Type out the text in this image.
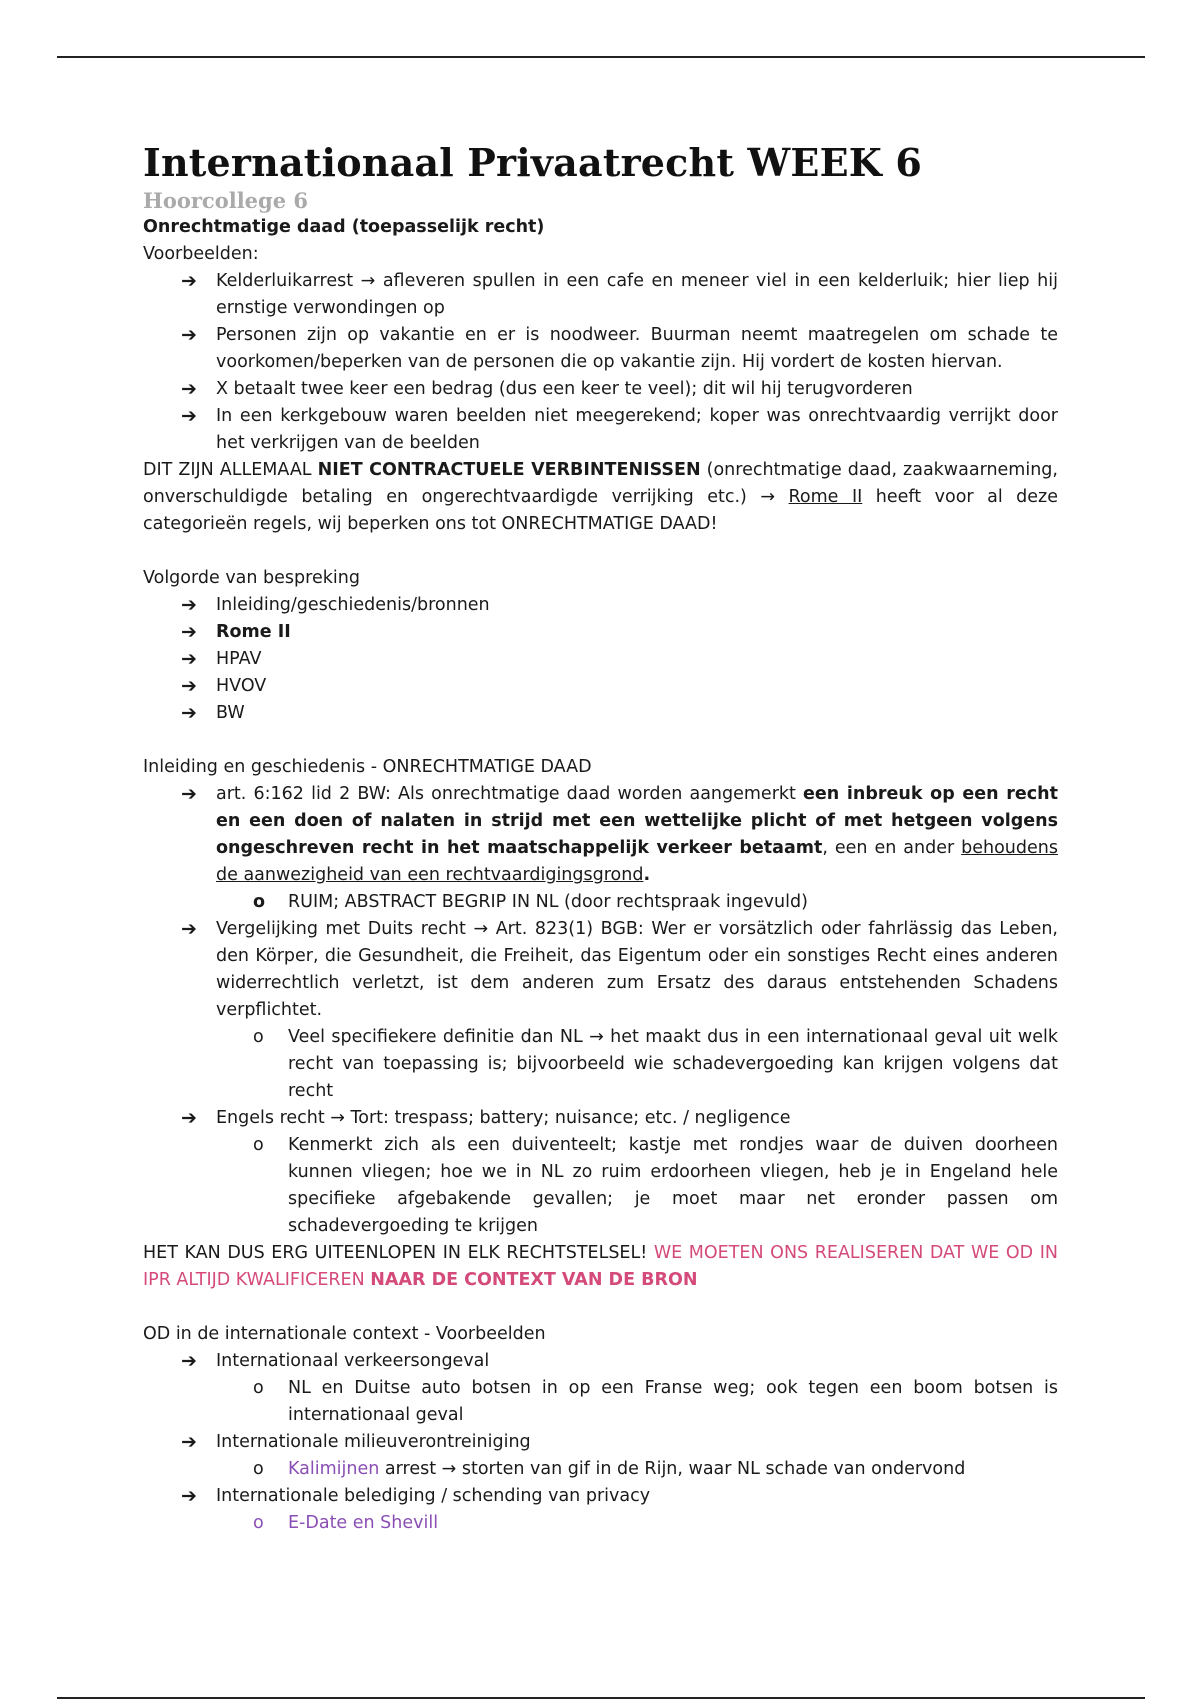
Internationaal Privaatrecht WEEK 6
Hoorcollege 6
Onrechtmatige daad (toepasselijk recht)
Voorbeelden:
➔ Kelderluikarrest → afleveren spullen in een cafe en meneer viel in een kelderluik; hier liep hij ernstige verwondingen op
➔ Personen zijn op vakantie en er is noodweer. Buurman neemt maatregelen om schade te voorkomen/beperken van de personen die op vakantie zijn. Hij vordert de kosten hiervan.
➔ X betaalt twee keer een bedrag (dus een keer te veel); dit wil hij terugvorderen
➔ In een kerkgebouw waren beelden niet meegerekend; koper was onrechtvaardig verrijkt door het verkrijgen van de beelden
DIT ZIJN ALLEMAAL NIET CONTRACTUELE VERBINTENISSEN (onrechtmatige daad, zaakwaarneming, onverschuldigde betaling en ongerechtvaardigde verrijking etc.) → Rome II heeft voor al deze categorieën regels, wij beperken ons tot ONRECHTMATIGE DAAD!
Volgorde van bespreking
➔ Inleiding/geschiedenis/bronnen
➔ Rome II
➔ HPAV
➔ HVOV
➔ BW
Inleiding en geschiedenis - ONRECHTMATIGE DAAD
➔ art. 6:162 lid 2 BW: Als onrechtmatige daad worden aangemerkt een inbreuk op een recht en een doen of nalaten in strijd met een wettelijke plicht of met hetgeen volgens ongeschreven recht in het maatschappelijk verkeer betaamt, een en ander behoudens de aanwezigheid van een rechtvaardigingsgrond.
o RUIM; ABSTRACT BEGRIP IN NL (door rechtspraak ingevuld)
➔ Vergelijking met Duits recht → Art. 823(1) BGB: Wer er vorsätzlich oder fahrlässig das Leben, den Körper, die Gesundheit, die Freiheit, das Eigentum oder ein sonstiges Recht eines anderen widerrechtlich verletzt, ist dem anderen zum Ersatz des daraus entstehenden Schadens verpflichtet.
o Veel specifiekere definitie dan NL → het maakt dus in een internationaal geval uit welk recht van toepassing is; bijvoorbeeld wie schadevergoeding kan krijgen volgens dat recht
➔ Engels recht → Tort: trespass; battery; nuisance; etc. / negligence
o Kenmerkt zich als een duiventeelt; kastje met rondjes waar de duiven doorheen kunnen vliegen; hoe we in NL zo ruim erdoorheen vliegen, heb je in Engeland hele specifieke afgebakende gevallen; je moet maar net eronder passen om schadevergoeding te krijgen
HET KAN DUS ERG UITEENLOPEN IN ELK RECHTSTELSEL! WE MOETEN ONS REALISEREN DAT WE OD IN IPR ALTIJD KWALIFICEREN NAAR DE CONTEXT VAN DE BRON
OD in de internationale context - Voorbeelden
➔ Internationaal verkeersongeval
o NL en Duitse auto botsen in op een Franse weg; ook tegen een boom botsen is internationaal geval
➔ Internationale milieuverontreiniging
o Kalimijnen arrest → storten van gif in de Rijn, waar NL schade van ondervond
➔ Internationale belediging / schending van privacy
o E-Date en Shevill
